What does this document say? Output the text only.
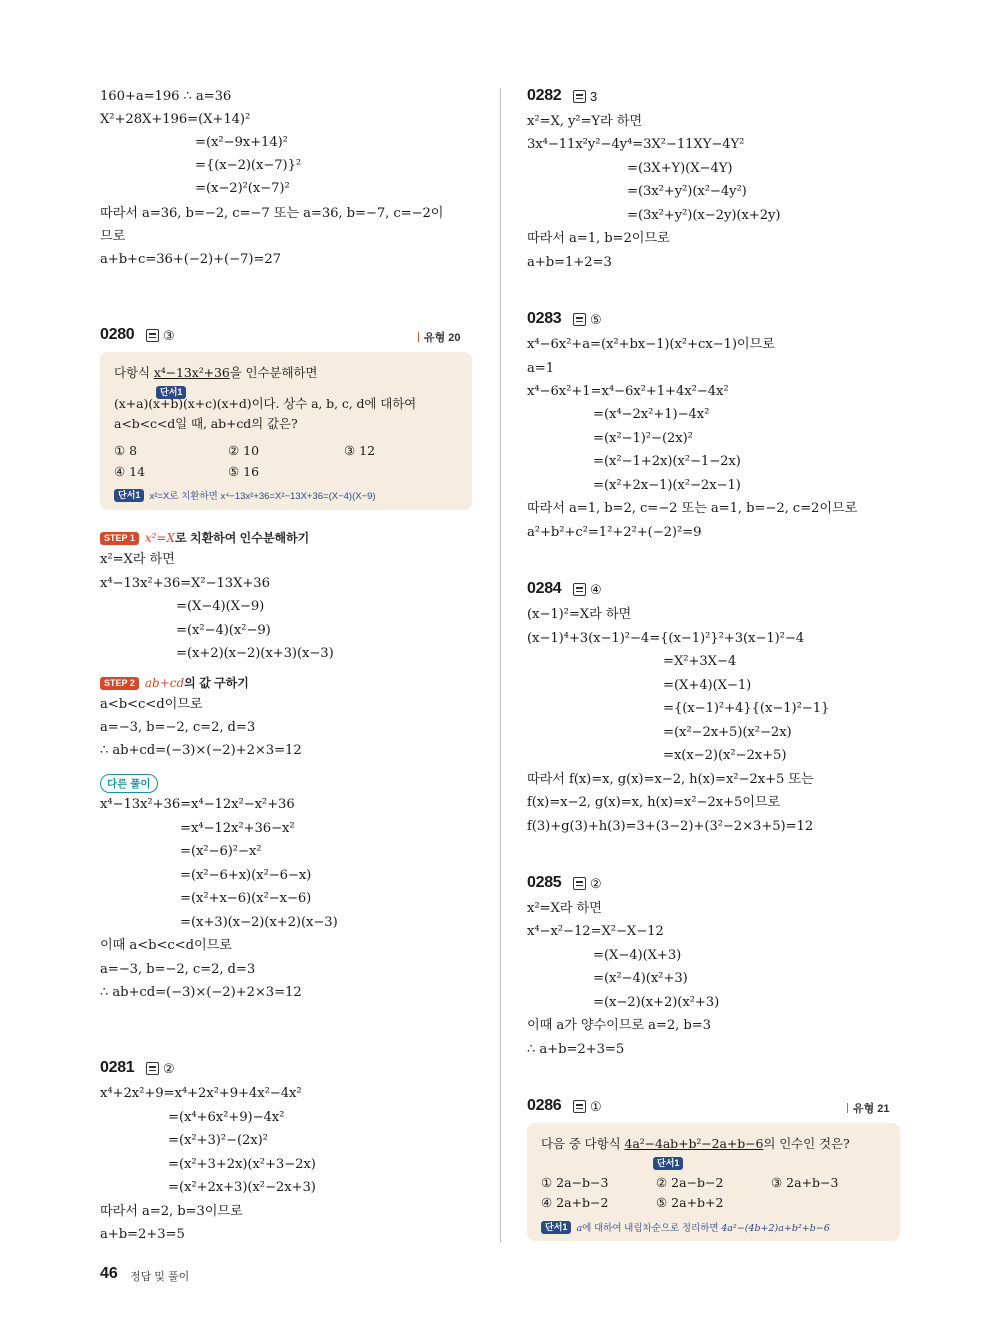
160+a=196 ∴ a=36
X²+28X+196=(X+14)²
=(x²−9x+14)²
={(x−2)(x−7)}²
=(x−2)²(x−7)²
따라서 a=36, b=−2, c=−7 또는 a=36, b=−7, c=−2이
므로
a+b+c=36+(−2)+(−7)=27
0280	③	유형 20
다항식 x⁴−13x²+36을 인수분해하면
단서1
(x+a)(x+b)(x+c)(x+d)이다. 상수 a, b, c, d에 대하여
a<b<c<d일 때, ab+cd의 값은?
① 8	② 10	③ 12
④ 14	⑤ 16
단서1 x²=X로 치환하면 x⁴−13x²+36=X²−13X+36=(X−4)(X−9)
STEP 1 x²=X로 치환하여 인수분해하기
x²=X라 하면
x⁴−13x²+36=X²−13X+36
=(X−4)(X−9)
=(x²−4)(x²−9)
=(x+2)(x−2)(x+3)(x−3)
STEP 2 ab+cd의 값 구하기
a<b<c<d이므로
a=−3, b=−2, c=2, d=3
∴ ab+cd=(−3)×(−2)+2×3=12
다른 풀이
x⁴−13x²+36=x⁴−12x²−x²+36
=x⁴−12x²+36−x²
=(x²−6)²−x²
=(x²−6+x)(x²−6−x)
=(x²+x−6)(x²−x−6)
=(x+3)(x−2)(x+2)(x−3)
이때 a<b<c<d이므로
a=−3, b=−2, c=2, d=3
∴ ab+cd=(−3)×(−2)+2×3=12
0281	②
x⁴+2x²+9=x⁴+2x²+9+4x²−4x²
=(x⁴+6x²+9)−4x²
=(x²+3)²−(2x)²
=(x²+3+2x)(x²+3−2x)
=(x²+2x+3)(x²−2x+3)
따라서 a=2, b=3이므로
a+b=2+3=5
0282	3
x²=X, y²=Y라 하면
3x⁴−11x²y²−4y⁴=3X²−11XY−4Y²
=(3X+Y)(X−4Y)
=(3x²+y²)(x²−4y²)
=(3x²+y²)(x−2y)(x+2y)
따라서 a=1, b=2이므로
a+b=1+2=3
0283	⑤
x⁴−6x²+a=(x²+bx−1)(x²+cx−1)이므로
a=1
x⁴−6x²+1=x⁴−6x²+1+4x²−4x²
=(x⁴−2x²+1)−4x²
=(x²−1)²−(2x)²
=(x²−1+2x)(x²−1−2x)
=(x²+2x−1)(x²−2x−1)
따라서 a=1, b=2, c=−2 또는 a=1, b=−2, c=2이므로
a²+b²+c²=1²+2²+(−2)²=9
0284	④
(x−1)²=X라 하면
(x−1)⁴+3(x−1)²−4={(x−1)²}²+3(x−1)²−4
=X²+3X−4
=(X+4)(X−1)
={(x−1)²+4}{(x−1)²−1}
=(x²−2x+5)(x²−2x)
=x(x−2)(x²−2x+5)
따라서 f(x)=x, g(x)=x−2, h(x)=x²−2x+5 또는
f(x)=x−2, g(x)=x, h(x)=x²−2x+5이므로
f(3)+g(3)+h(3)=3+(3−2)+(3²−2×3+5)=12
0285	②
x²=X라 하면
x⁴−x²−12=X²−X−12
=(X−4)(X+3)
=(x²−4)(x²+3)
=(x−2)(x+2)(x²+3)
이때 a가 양수이므로 a=2, b=3
∴ a+b=2+3=5
0286	①	유형 21
다음 중 다항식 4a²−4ab+b²−2a+b−6의 인수인 것은?
단서1
① 2a−b−3	② 2a−b−2	③ 2a+b−3
④ 2a+b−2	⑤ 2a+b+2
단서1 a에 대하여 내림차순으로 정리하면 4a²−(4b+2)a+b²+b−6
46 정답 및 풀이
